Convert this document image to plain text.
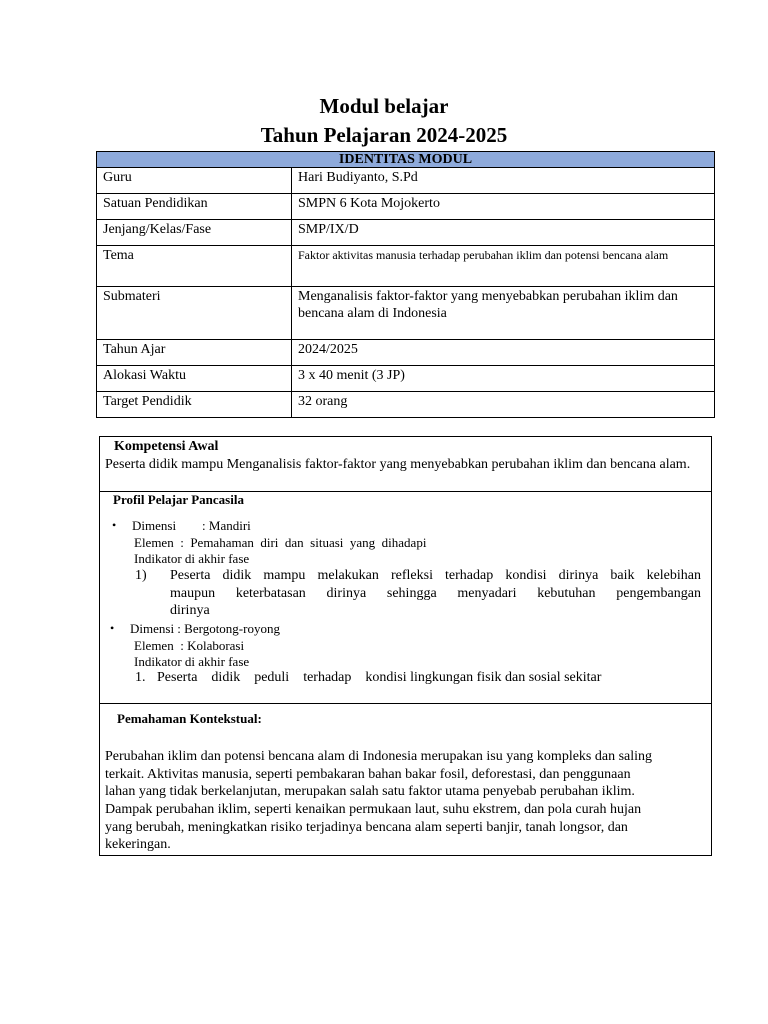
Modul belajar
Tahun Pelajaran 2024-2025
IDENTITAS MODUL	
Guru	Hari Budiyanto, S.Pd
Satuan Pendidikan	SMPN 6 Kota Mojokerto
Jenjang/Kelas/Fase	SMP/IX/D
Tema	Faktor aktivitas manusia terhadap perubahan iklim dan potensi bencana alam
Submateri	Menganalisis faktor-faktor yang menyebabkan perubahan iklim dan bencana alam di Indonesia
Tahun Ajar	2024/2025
Alokasi Waktu	3 x 40 menit (3 JP)
Target Pendidik	32 orang
Kompetensi Awal
Peserta didik mampu Menganalisis faktor-faktor yang menyebabkan perubahan iklim dan bencana alam.
Profil Pelajar Pancasila
• Dimensi        : Mandiri
Elemen  :  Pemahaman  diri  dan  situasi  yang  dihadapi
Indikator di akhir fase
1) Peserta didik mampu melakukan refleksi terhadap kondisi dirinya baik kelebihan
maupun keterbatasan dirinya sehingga menyadari kebutuhan pengembangan
dirinya
• Dimensi : Bergotong-royong
Elemen  : Kolaborasi
Indikator di akhir fase
1. Peserta    didik    peduli    terhadap    kondisi lingkungan fisik dan sosial sekitar
Pemahaman Kontekstual:
Perubahan iklim dan potensi bencana alam di Indonesia merupakan isu yang kompleks dan saling
terkait. Aktivitas manusia, seperti pembakaran bahan bakar fosil, deforestasi, dan penggunaan
lahan yang tidak berkelanjutan, merupakan salah satu faktor utama penyebab perubahan iklim.
Dampak perubahan iklim, seperti kenaikan permukaan laut, suhu ekstrem, dan pola curah hujan
yang berubah, meningkatkan risiko terjadinya bencana alam seperti banjir, tanah longsor, dan
kekeringan.
